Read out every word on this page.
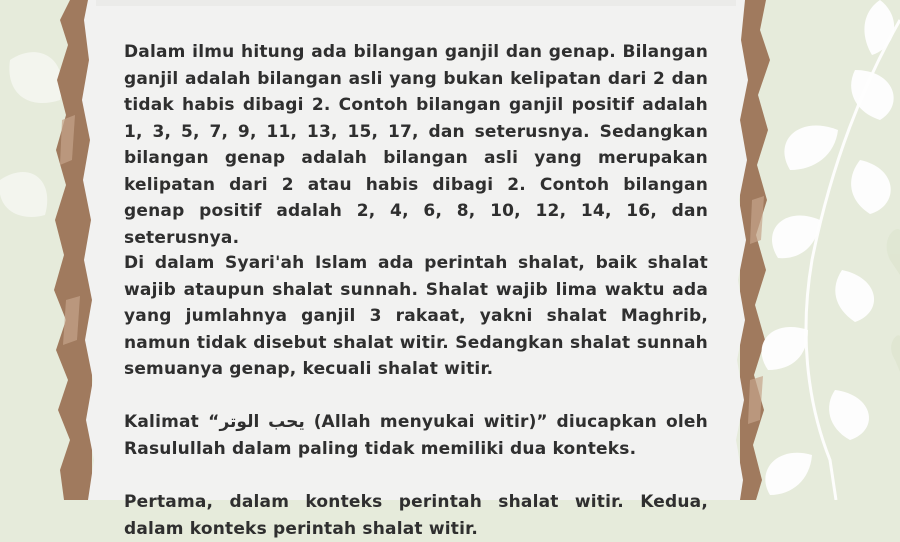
Dalam ilmu hitung ada bilangan ganjil dan genap. Bilangan ganjil adalah bilangan asli yang bukan kelipatan dari 2 dan tidak habis dibagi 2. Contoh bilangan ganjil positif adalah 1, 3, 5, 7, 9, 11, 13, 15, 17, dan seterusnya. Sedangkan bilangan genap adalah bilangan asli yang merupakan kelipatan dari 2 atau habis dibagi 2. Contoh bilangan genap positif adalah 2, 4, 6, 8, 10, 12, 14, 16, dan seterusnya.

Di dalam Syari'ah Islam ada perintah shalat, baik shalat wajib ataupun shalat sunnah. Shalat wajib lima waktu ada yang jumlahnya ganjil 3 rakaat, yakni shalat Maghrib, namun tidak disebut shalat witir. Sedangkan shalat sunnah semuanya genap, kecuali shalat witir.

Kalimat “يحب الوتر (Allah menyukai witir)” diucapkan oleh Rasulullah dalam paling tidak memiliki dua konteks.

Pertama, dalam konteks perintah shalat witir. Kedua, dalam konteks perintah shalat witir.
